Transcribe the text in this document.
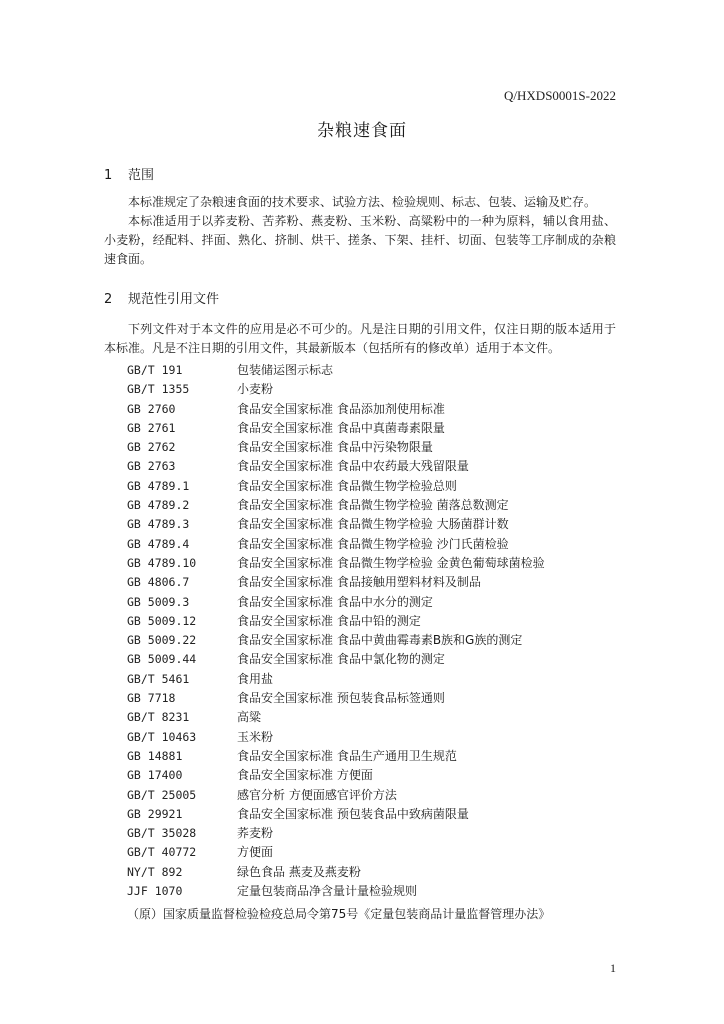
Q/HXDS0001S-2022
杂粮速食面
1 范围
本标准规定了杂粮速食面的技术要求、试验方法、检验规则、标志、包装、运输及贮存。
本标准适用于以荞麦粉、苦荞粉、燕麦粉、玉米粉、高粱粉中的一种为原料，辅以食用盐、小麦粉，经配料、拌面、熟化、挤制、烘干、搓条、下架、挂杆、切面、包装等工序制成的杂粮速食面。
2 规范性引用文件
下列文件对于本文件的应用是必不可少的。凡是注日期的引用文件，仅注日期的版本适用于本标准。凡是不注日期的引用文件，其最新版本（包括所有的修改单）适用于本文件。
GB/T 191	包装储运图示标志
GB/T 1355	小麦粉
GB 2760	食品安全国家标准 食品添加剂使用标准
GB 2761	食品安全国家标准 食品中真菌毒素限量
GB 2762	食品安全国家标准 食品中污染物限量
GB 2763	食品安全国家标准 食品中农药最大残留限量
GB 4789.1	食品安全国家标准 食品微生物学检验总则
GB 4789.2	食品安全国家标准 食品微生物学检验 菌落总数测定
GB 4789.3	食品安全国家标准 食品微生物学检验 大肠菌群计数
GB 4789.4	食品安全国家标准 食品微生物学检验 沙门氏菌检验
GB 4789.10	食品安全国家标准 食品微生物学检验 金黄色葡萄球菌检验
GB 4806.7	食品安全国家标准 食品接触用塑料材料及制品
GB 5009.3	食品安全国家标准 食品中水分的测定
GB 5009.12	食品安全国家标准 食品中铅的测定
GB 5009.22	食品安全国家标准 食品中黄曲霉毒素B族和G族的测定
GB 5009.44	食品安全国家标准 食品中氯化物的测定
GB/T 5461	食用盐
GB 7718	食品安全国家标准 预包装食品标签通则
GB/T 8231	高粱
GB/T 10463	玉米粉
GB 14881	食品安全国家标准 食品生产通用卫生规范
GB 17400	食品安全国家标准 方便面
GB/T 25005	感官分析 方便面感官评价方法
GB 29921	食品安全国家标准 预包装食品中致病菌限量
GB/T 35028	荞麦粉
GB/T 40772	方便面
NY/T 892	绿色食品 燕麦及燕麦粉
JJF 1070	定量包装商品净含量计量检验规则
（原）国家质量监督检验检疫总局令第75号《定量包装商品计量监督管理办法》
1
